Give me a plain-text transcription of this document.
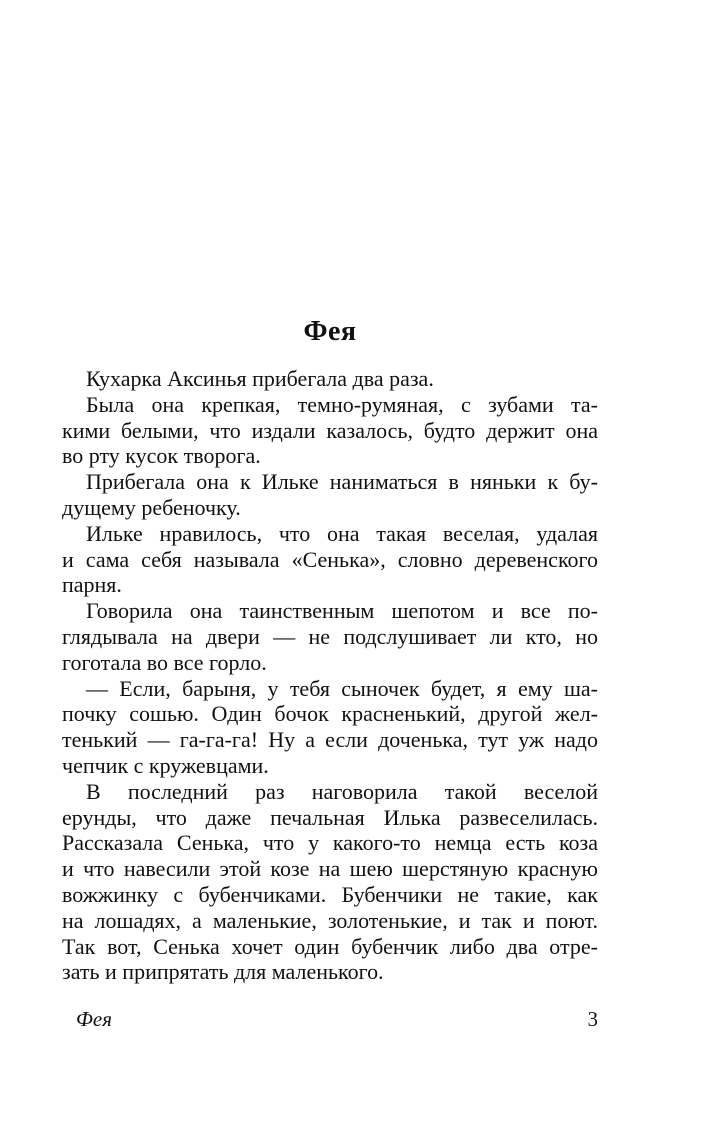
Фея
Кухарка Аксинья прибегала два раза.
Была она крепкая, темно-румяная, с зубами та-
кими белыми, что издали казалось, будто держит она
во рту кусок творога.
Прибегала она к Ильке наниматься в няньки к бу-
дущему ребеночку.
Ильке нравилось, что она такая веселая, удалая
и сама себя называла «Сенька», словно деревенского
парня.
Говорила она таинственным шепотом и все по-
глядывала на двери — не подслушивает ли кто, но
гоготала во все горло.
— Если, барыня, у тебя сыночек будет, я ему ша-
почку сошью. Один бочок красненький, другой жел-
тенький — га-га-га! Ну а если доченька, тут уж надо
чепчик с кружевцами.
В последний раз наговорила такой веселой
ерунды, что даже печальная Илька развеселилась.
Рассказала Сенька, что у какого-то немца есть коза
и что навесили этой козе на шею шерстяную красную
вожжинку с бубенчиками. Бубенчики не такие, как
на лошадях, а маленькие, золотенькие, и так и поют.
Так вот, Сенька хочет один бубенчик либо два отре-
зать и припрятать для маленького.
Фея	3
